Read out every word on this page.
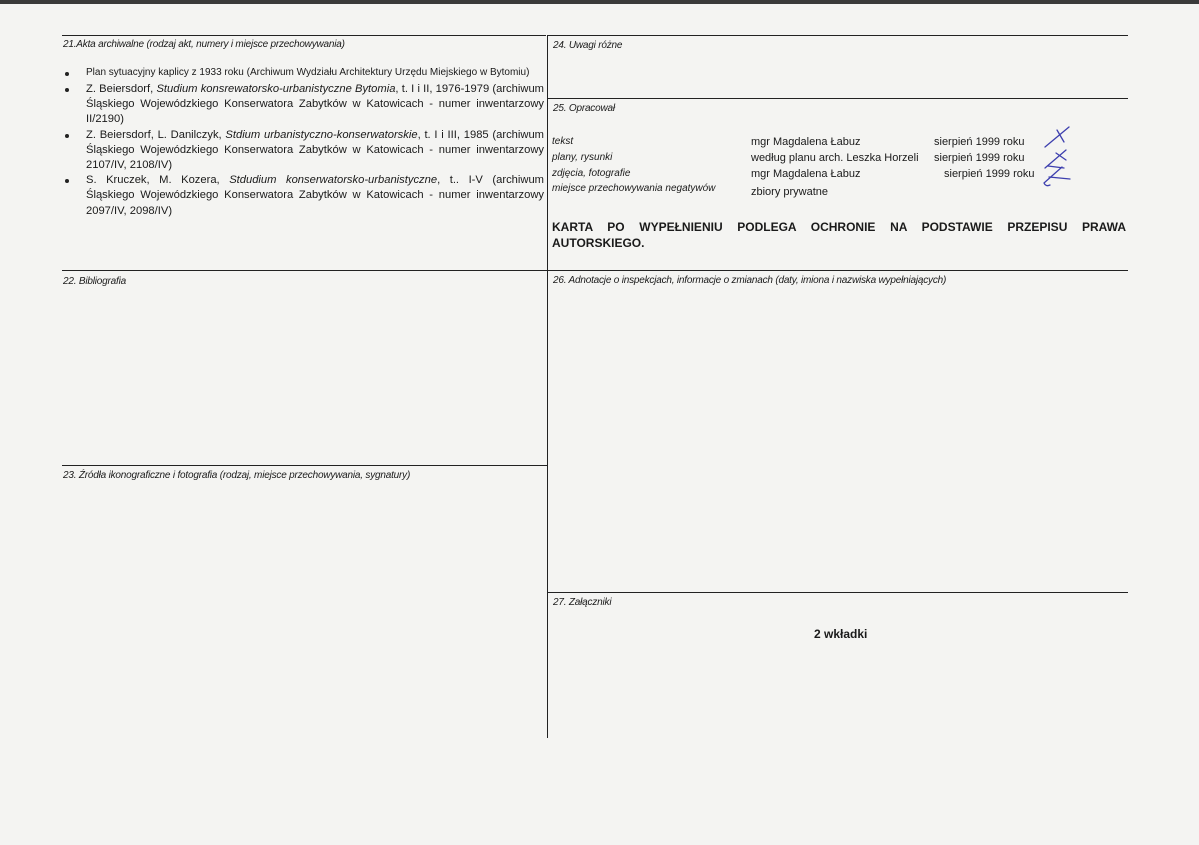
21.Akta archiwalne (rodzaj akt, numery i miejsce przechowywania)
Plan sytuacyjny kaplicy z 1933 roku (Archiwum Wydziału Architektury Urzędu Miejskiego w Bytomiu)
Z. Beiersdorf, Studium konsrewatorsko-urbanistyczne Bytomia, t. I i II, 1976-1979 (archiwum Śląskiego Wojewódzkiego Konserwatora Zabytków w Katowicach - numer inwentarzowy II/2190)
Z. Beiersdorf, L. Danilczyk, Stdium urbanistyczno-konserwatorskie, t. I i III, 1985 (archiwum Śląskiego Wojewódzkiego Konserwatora Zabytków w Katowicach - numer inwentarzowy 2107/IV, 2108/IV)
S. Kruczek, M. Kozera, Stdudium konserwatorsko-urbanistyczne, t.. I-V (archiwum Śląskiego Wojewódzkiego Konserwatora Zabytków w Katowicach - numer inwentarzowy 2097/IV, 2098/IV)
22. Bibliografia
23. Źródła ikonograficzne i fotografia (rodzaj, miejsce przechowywania, sygnatury)
24. Uwagi różne
25. Opracował
tekst	mgr Magdalena Łabuz	sierpień 1999 roku
plany, rysunki	według planu arch. Leszka Horzeli sierpień 1999 roku
zdjęcia, fotografie	mgr Magdalena Łabuz	sierpień 1999 roku
miejsce przechowywania negatywów	zbiory prywatne
KARTA PO WYPEŁNIENIU PODLEGA OCHRONIE NA PODSTAWIE PRZEPISU PRAWA AUTORSKIEGO.
26. Adnotacje o inspekcjach, informacje o zmianach (daty, imiona i nazwiska wypełniających)
27. Załączniki
2 wkładki
